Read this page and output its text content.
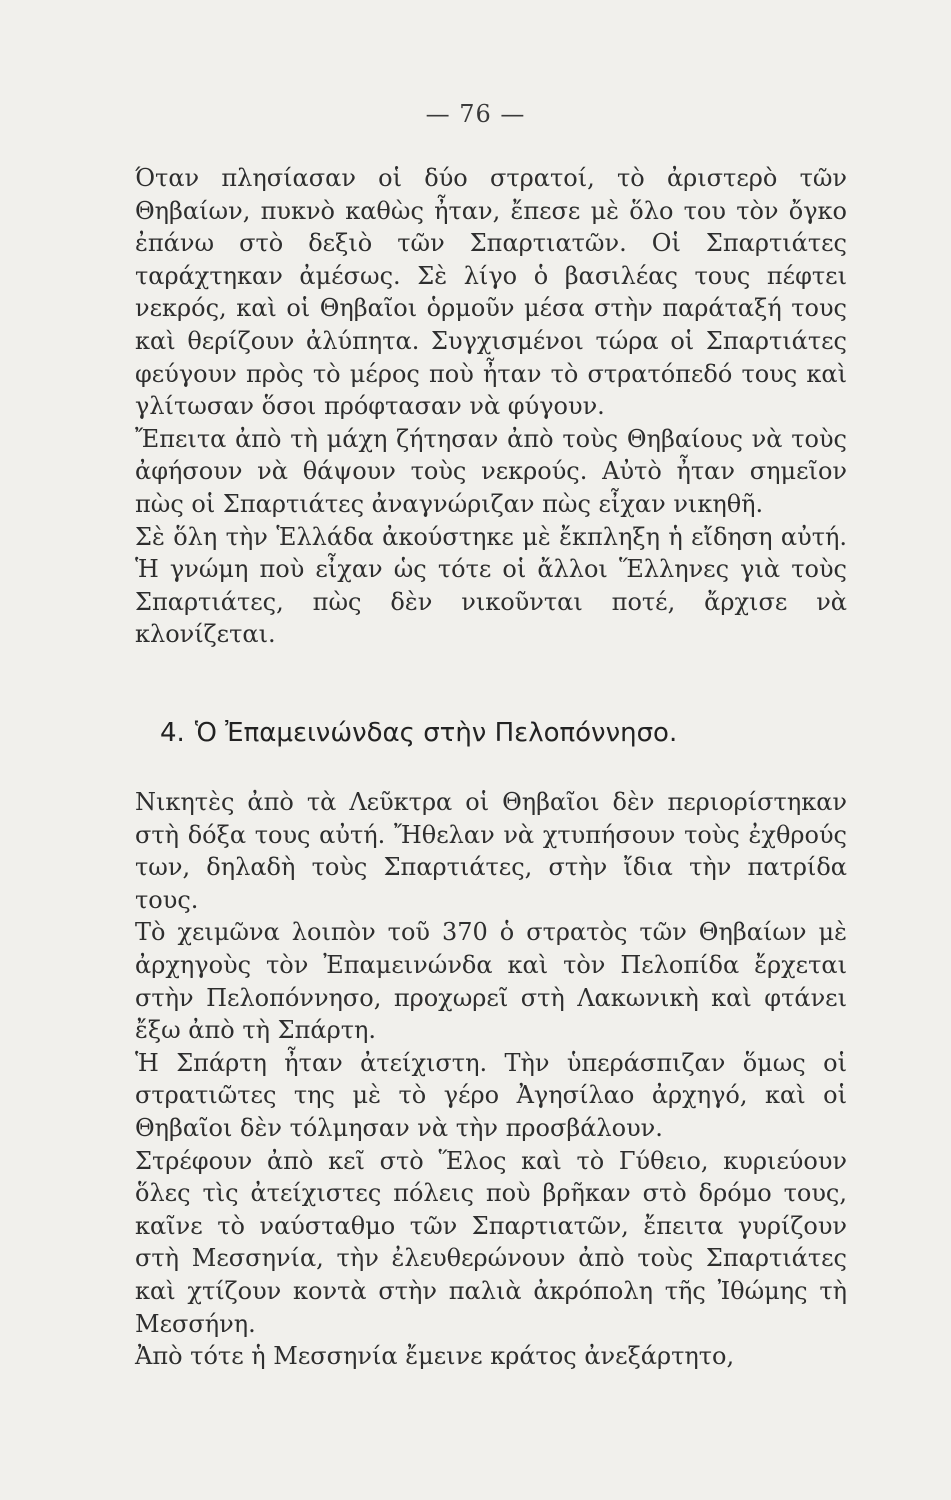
— 76 —

Όταν πλησίασαν οἱ δύο στρατοί, τὸ ἀριστερὸ τῶν Θηβαίων, πυκνὸ καθὼς ἦταν, ἔπεσε μὲ ὅλο του τὸν ὄγκο ἐπάνω στὸ δεξιὸ τῶν Σπαρτιατῶν. Οἱ Σπαρτιάτες ταράχτηκαν ἀμέσως. Σὲ λίγο ὁ βασιλέας τους πέφτει νεκρός, καὶ οἱ Θηβαῖοι ὁρμοῦν μέσα στὴν παράταξή τους καὶ θερίζουν ἀλύπητα. Συγχισμένοι τώρα οἱ Σπαρτιάτες φεύγουν πρὸς τὸ μέρος ποὺ ἦταν τὸ στρατόπεδό τους καὶ γλίτωσαν ὅσοι πρόφτασαν νὰ φύγουν.

Ἔπειτα ἀπὸ τὴ μάχη ζήτησαν ἀπὸ τοὺς Θηβαίους νὰ τοὺς ἀφήσουν νὰ θάψουν τοὺς νεκρούς. Αὐτὸ ἦταν σημεῖον πὼς οἱ Σπαρτιάτες ἀναγνώριζαν πὼς εἶχαν νικηθῆ.

Σὲ ὅλη τὴν Ἑλλάδα ἀκούστηκε μὲ ἔκπληξη ἡ εἴδηση αὐτή. Ἡ γνώμη ποὺ εἶχαν ὡς τότε οἱ ἄλλοι Ἕλληνες γιὰ τοὺς Σπαρτιάτες, πὼς δὲν νικοῦνται ποτέ, ἄρχισε νὰ κλονίζεται.

4. Ὁ Ἐπαμεινώνδας στὴν Πελοπόννησο.

Νικητὲς ἀπὸ τὰ Λεῦκτρα οἱ Θηβαῖοι δὲν περιορίστηκαν στὴ δόξα τους αὐτή. Ἤθελαν νὰ χτυπήσουν τοὺς ἐχθρούς των, δηλαδὴ τοὺς Σπαρτιάτες, στὴν ἴδια τὴν πατρίδα τους.

Τὸ χειμῶνα λοιπὸν τοῦ 370 ὁ στρατὸς τῶν Θηβαίων μὲ ἀρχηγοὺς τὸν Ἐπαμεινώνδα καὶ τὸν Πελοπίδα ἔρχεται στὴν Πελοπόννησο, προχωρεῖ στὴ Λακωνικὴ καὶ φτάνει ἔξω ἀπὸ τὴ Σπάρτη.

Ἡ Σπάρτη ἦταν ἀτείχιστη. Τὴν ὑπεράσπιζαν ὅμως οἱ στρατιῶτες της μὲ τὸ γέρο Ἀγησίλαο ἀρχηγό, καὶ οἱ Θηβαῖοι δὲν τόλμησαν νὰ τὴν προσβάλουν.

Στρέφουν ἀπὸ κεῖ στὸ Ἕλος καὶ τὸ Γύθειο, κυριεύουν ὅλες τὶς ἀτείχιστες πόλεις ποὺ βρῆκαν στὸ δρόμο τους, καῖνε τὸ ναύσταθμο τῶν Σπαρτιατῶν, ἔπειτα γυρίζουν στὴ Μεσσηνία, τὴν ἐλευθερώνουν ἀπὸ τοὺς Σπαρτιάτες καὶ χτίζουν κοντὰ στὴν παλιὰ ἀκρόπολη τῆς Ἰθώμης τὴ Μεσσήνη.

Ἀπὸ τότε ἡ Μεσσηνία ἔμεινε κράτος ἀνεξάρτητο,
